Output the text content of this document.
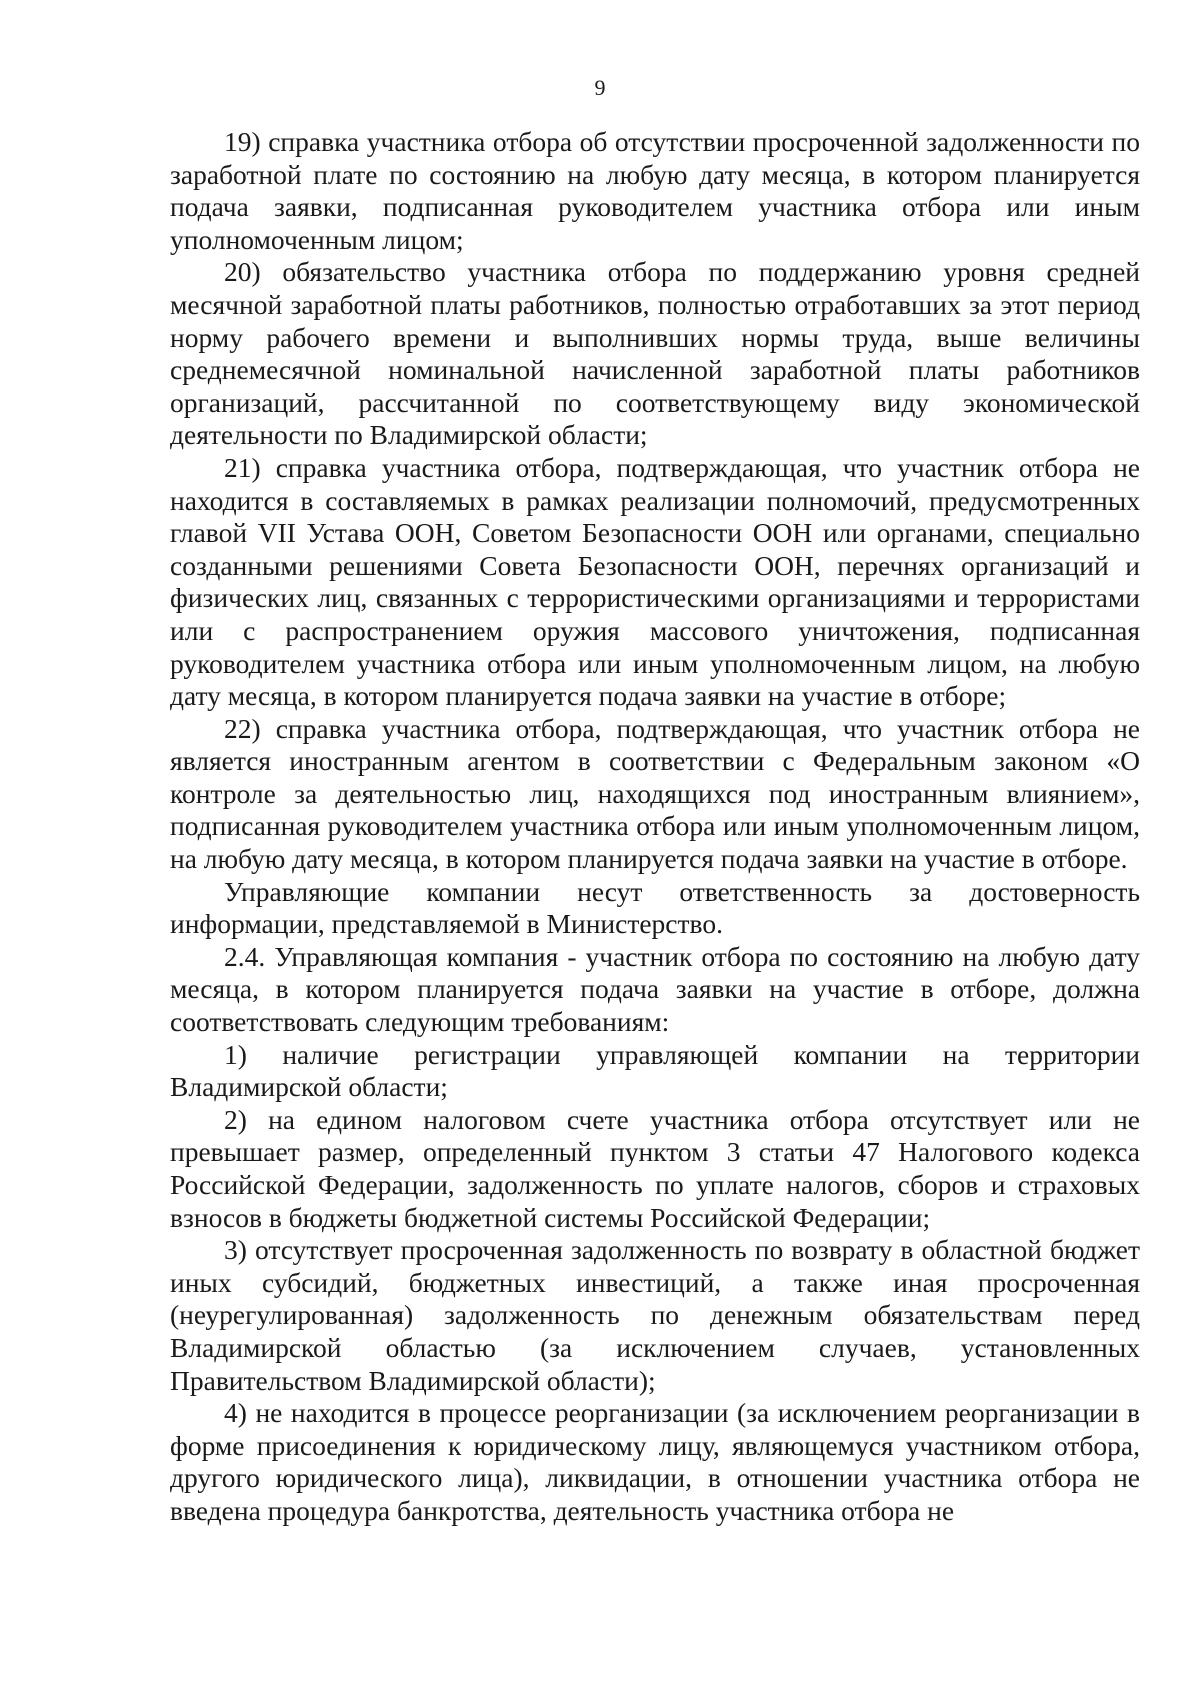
9

19) справка участника отбора об отсутствии просроченной задолженности по заработной плате по состоянию на любую дату месяца, в котором планируется подача заявки, подписанная руководителем участника отбора или иным уполномоченным лицом;

20) обязательство участника отбора по поддержанию уровня средней месячной заработной платы работников, полностью отработавших за этот период норму рабочего времени и выполнивших нормы труда, выше величины среднемесячной номинальной начисленной заработной платы работников организаций, рассчитанной по соответствующему виду экономической деятельности по Владимирской области;

21) справка участника отбора, подтверждающая, что участник отбора не находится в составляемых в рамках реализации полномочий, предусмотренных главой VII Устава ООН, Советом Безопасности ООН или органами, специально созданными решениями Совета Безопасности ООН, перечнях организаций и физических лиц, связанных с террористическими организациями и террористами или с распространением оружия массового уничтожения, подписанная руководителем участника отбора или иным уполномоченным лицом, на любую дату месяца, в котором планируется подача заявки на участие в отборе;

22) справка участника отбора, подтверждающая, что участник отбора не является иностранным агентом в соответствии с Федеральным законом «О контроле за деятельностью лиц, находящихся под иностранным влиянием», подписанная руководителем участника отбора или иным уполномоченным лицом, на любую дату месяца, в котором планируется подача заявки на участие в отборе.

Управляющие компании несут ответственность за достоверность информации, представляемой в Министерство.

2.4. Управляющая компания - участник отбора по состоянию на любую дату месяца, в котором планируется подача заявки на участие в отборе, должна соответствовать следующим требованиям:

1) наличие регистрации управляющей компании на территории Владимирской области;

2) на едином налоговом счете участника отбора отсутствует или не превышает размер, определенный пунктом 3 статьи 47 Налогового кодекса Российской Федерации, задолженность по уплате налогов, сборов и страховых взносов в бюджеты бюджетной системы Российской Федерации;

3) отсутствует просроченная задолженность по возврату в областной бюджет иных субсидий, бюджетных инвестиций, а также иная просроченная (неурегулированная) задолженность по денежным обязательствам перед Владимирской областью (за исключением случаев, установленных Правительством Владимирской области);

4) не находится в процессе реорганизации (за исключением реорганизации в форме присоединения к юридическому лицу, являющемуся участником отбора, другого юридического лица), ликвидации, в отношении участника отбора не введена процедура банкротства, деятельность участника отбора не
